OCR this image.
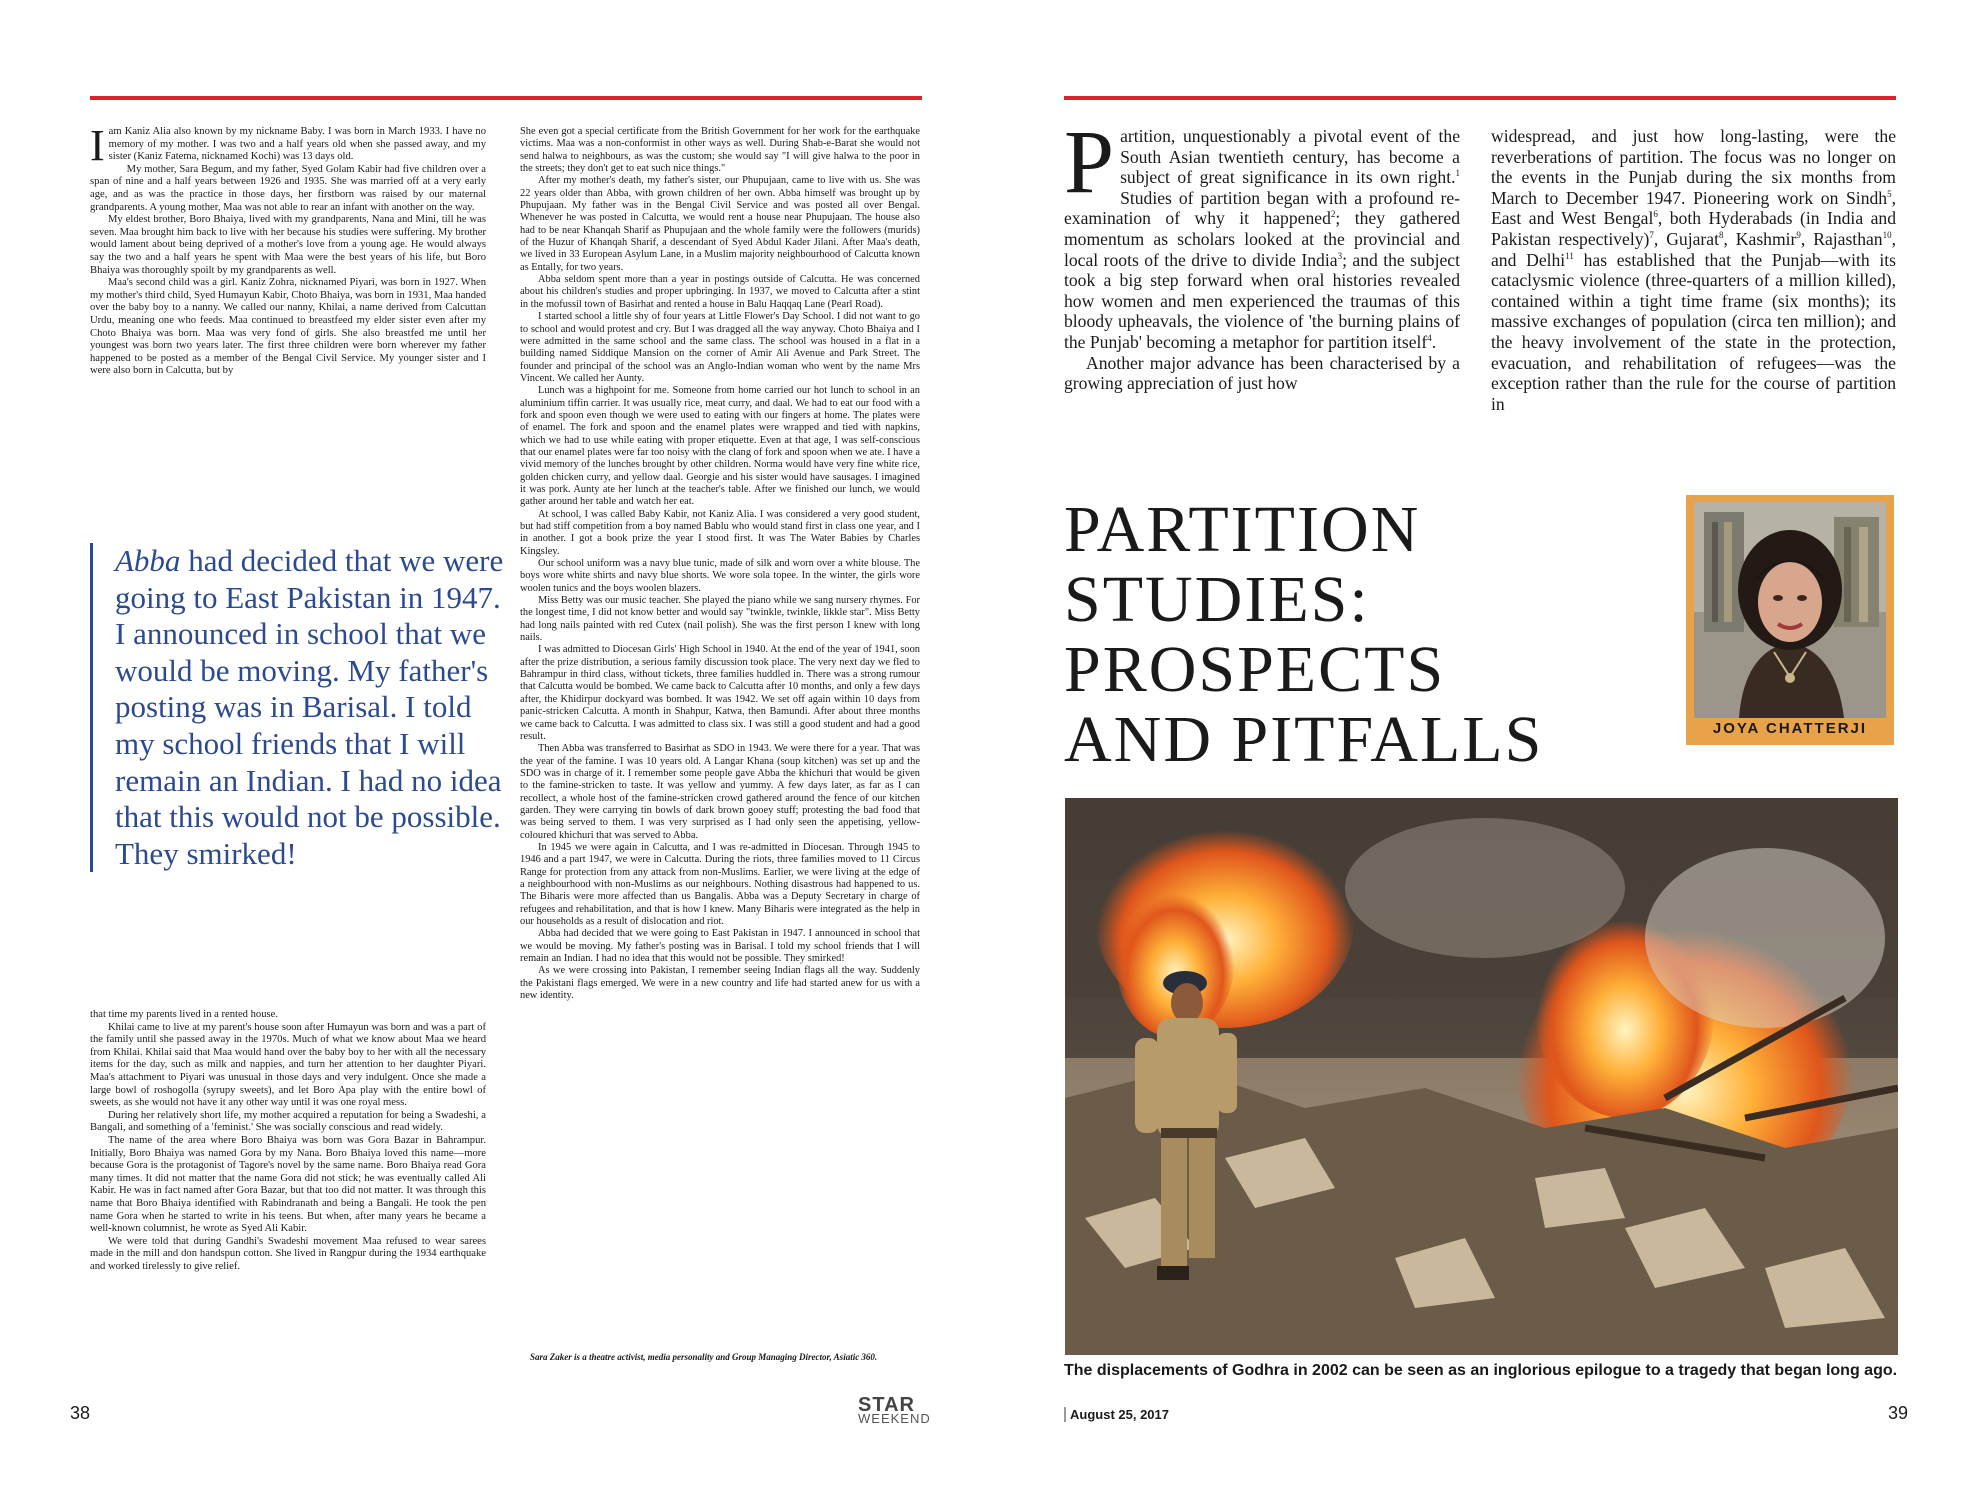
Iam Kaniz Alia also known by my nickname Baby. I was born in March 1933. I have no memory of my mother. I was two and a half years old when she passed away, and my sister (Kaniz Fatema, nicknamed Kochi) was 13 days old.

My mother, Sara Begum, and my father, Syed Golam Kabir had five children over a span of nine and a half years between 1926 and 1935. She was married off at a very early age, and as was the practice in those days, her firstborn was raised by our maternal grandparents. A young mother, Maa was not able to rear an infant with another on the way.

My eldest brother, Boro Bhaiya, lived with my grandparents, Nana and Mini, till he was seven. Maa brought him back to live with her because his studies were suffering. My brother would lament about being deprived of a mother's love from a young age. He would always say the two and a half years he spent with Maa were the best years of his life, but Boro Bhaiya was thoroughly spoilt by my grandparents as well.

Maa's second child was a girl. Kaniz Zohra, nicknamed Piyari, was born in 1927. When my mother's third child, Syed Humayun Kabir, Choto Bhaiya, was born in 1931, Maa handed over the baby boy to a nanny. We called our nanny, Khilai, a name derived from Calcuttan Urdu, meaning one who feeds. Maa continued to breastfeed my elder sister even after my Choto Bhaiya was born. Maa was very fond of girls. She also breastfed me until her youngest was born two years later. The first three children were born wherever my father happened to be posted as a member of the Bengal Civil Service. My younger sister and I were also born in Calcutta, but by

Abba had decided that we were going to East Pakistan in 1947. I announced in school that we would be moving. My father's posting was in Barisal. I told my school friends that I will remain an Indian. I had no idea that this would not be possible. They smirked!

that time my parents lived in a rented house.

Khilai came to live at my parent's house soon after Humayun was born and was a part of the family until she passed away in the 1970s. Much of what we know about Maa we heard from Khilai. Khilai said that Maa would hand over the baby boy to her with all the necessary items for the day, such as milk and nappies, and turn her attention to her daughter Piyari. Maa's attachment to Piyari was unusual in those days and very indulgent. Once she made a large bowl of roshogolla (syrupy sweets), and let Boro Apa play with the entire bowl of sweets, as she would not have it any other way until it was one royal mess.

During her relatively short life, my mother acquired a reputation for being a Swadeshi, a Bangali, and something of a 'feminist.' She was socially conscious and read widely.

The name of the area where Boro Bhaiya was born was Gora Bazar in Bahrampur. Initially, Boro Bhaiya was named Gora by my Nana. Boro Bhaiya loved this name—more because Gora is the protagonist of Tagore's novel by the same name. Boro Bhaiya read Gora many times. It did not matter that the name Gora did not stick; he was eventually called Ali Kabir. He was in fact named after Gora Bazar, but that too did not matter. It was through this name that Boro Bhaiya identified with Rabindranath and being a Bangali. He took the pen name Gora when he started to write in his teens. But when, after many years he became a well-known columnist, he wrote as Syed Ali Kabir.

We were told that during Gandhi's Swadeshi movement Maa refused to wear sarees made in the mill and don handspun cotton. She lived in Rangpur during the 1934 earthquake and worked tirelessly to give relief.

She even got a special certificate from the British Government for her work for the earthquake victims. Maa was a non-conformist in other ways as well. During Shab-e-Barat she would not send halwa to neighbours, as was the custom; she would say "I will give halwa to the poor in the streets; they don't get to eat such nice things."

After my mother's death, my father's sister, our Phupujaan, came to live with us. She was 22 years older than Abba, with grown children of her own. Abba himself was brought up by Phupujaan. My father was in the Bengal Civil Service and was posted all over Bengal. Whenever he was posted in Calcutta, we would rent a house near Phupujaan. The house also had to be near Khanqah Sharif as Phupujaan and the whole family were the followers (murids) of the Huzur of Khanqah Sharif, a descendant of Syed Abdul Kader Jilani. After Maa's death, we lived in 33 European Asylum Lane, in a Muslim majority neighbourhood of Calcutta known as Entally, for two years.

Abba seldom spent more than a year in postings outside of Calcutta. He was concerned about his children's studies and proper upbringing. In 1937, we moved to Calcutta after a stint in the mofussil town of Basirhat and rented a house in Balu Haqqaq Lane (Pearl Road).

I started school a little shy of four years at Little Flower's Day School. I did not want to go to school and would protest and cry. But I was dragged all the way anyway. Choto Bhaiya and I were admitted in the same school and the same class. The school was housed in a flat in a building named Siddique Mansion on the corner of Amir Ali Avenue and Park Street. The founder and principal of the school was an Anglo-Indian woman who went by the name Mrs Vincent. We called her Aunty.

Lunch was a highpoint for me. Someone from home carried our hot lunch to school in an aluminium tiffin carrier. It was usually rice, meat curry, and daal. We had to eat our food with a fork and spoon even though we were used to eating with our fingers at home. The plates were of enamel. The fork and spoon and the enamel plates were wrapped and tied with napkins, which we had to use while eating with proper etiquette. Even at that age, I was self-conscious that our enamel plates were far too noisy with the clang of fork and spoon when we ate. I have a vivid memory of the lunches brought by other children. Norma would have very fine white rice, golden chicken curry, and yellow daal. Georgie and his sister would have sausages. I imagined it was pork. Aunty ate her lunch at the teacher's table. After we finished our lunch, we would gather around her table and watch her eat.

At school, I was called Baby Kabir, not Kaniz Alia. I was considered a very good student, but had stiff competition from a boy named Bablu who would stand first in class one year, and I in another. I got a book prize the year I stood first. It was The Water Babies by Charles Kingsley.

Our school uniform was a navy blue tunic, made of silk and worn over a white blouse. The boys wore white shirts and navy blue shorts. We wore sola topee. In the winter, the girls wore woolen tunics and the boys woolen blazers.

Miss Betty was our music teacher. She played the piano while we sang nursery rhymes. For the longest time, I did not know better and would say "twinkle, twinkle, likkle star". Miss Betty had long nails painted with red Cutex (nail polish). She was the first person I knew with long nails.

I was admitted to Diocesan Girls' High School in 1940. At the end of the year of 1941, soon after the prize distribution, a serious family discussion took place. The very next day we fled to Bahrampur in third class, without tickets, three families huddled in. There was a strong rumour that Calcutta would be bombed. We came back to Calcutta after 10 months, and only a few days after, the Khidirpur dockyard was bombed. It was 1942. We set off again within 10 days from panic-stricken Calcutta. A month in Shahpur, Katwa, then Bamundi. After about three months we came back to Calcutta. I was admitted to class six. I was still a good student and had a good result.

Then Abba was transferred to Basirhat as SDO in 1943. We were there for a year. That was the year of the famine. I was 10 years old. A Langar Khana (soup kitchen) was set up and the SDO was in charge of it. I remember some people gave Abba the khichuri that would be given to the famine-stricken to taste. It was yellow and yummy. A few days later, as far as I can recollect, a whole host of the famine-stricken crowd gathered around the fence of our kitchen garden. They were carrying tin bowls of dark brown gooey stuff; protesting the bad food that was being served to them. I was very surprised as I had only seen the appetising, yellow-coloured khichuri that was served to Abba.

In 1945 we were again in Calcutta, and I was re-admitted in Diocesan. Through 1945 to 1946 and a part 1947, we were in Calcutta. During the riots, three families moved to 11 Circus Range for protection from any attack from non-Muslims. Earlier, we were living at the edge of a neighbourhood with non-Muslims as our neighbours. Nothing disastrous had happened to us. The Biharis were more affected than us Bangalis. Abba was a Deputy Secretary in charge of refugees and rehabilitation, and that is how I knew. Many Biharis were integrated as the help in our households as a result of dislocation and riot.

Abba had decided that we were going to East Pakistan in 1947. I announced in school that we would be moving. My father's posting was in Barisal. I told my school friends that I will remain an Indian. I had no idea that this would not be possible. They smirked!

As we were crossing into Pakistan, I remember seeing Indian flags all the way. Suddenly the Pakistani flags emerged. We were in a new country and life had started anew for us with a new identity.

Sara Zaker is a theatre activist, media personality and Group Managing Director, Asiatic 360.
38	STAR
WEEKEND

Partition, unquestionably a pivotal event of the South Asian twentieth century, has become a subject of great significance in its own right.$^1$ Studies of partition began with a profound re-examination of why it happened$^2$; they gathered momentum as scholars looked at the provincial and local roots of the drive to divide India$^3$; and the subject took a big step forward when oral histories revealed how women and men experienced the traumas of this bloody upheavals, the violence of 'the burning plains of the Punjab' becoming a metaphor for partition itself$^4$.

Another major advance has been characterised by a growing appreciation of just how

widespread, and just how long-lasting, were the reverberations of partition. The focus was no longer on the events in the Punjab during the six months from March to December 1947. Pioneering work on Sindh$^5$, East and West Bengal$^6$, both Hyderabads (in India and Pakistan respectively)$^7$, Gujarat$^8$, Kashmir$^9$, Rajasthan$^{10}$, and Delhi$^{11}$ has established that the Punjab—with its cataclysmic violence (three-quarters of a million killed), contained within a tight time frame (six months); its massive exchanges of population (circa ten million); and the heavy involvement of the state in the protection, evacuation, and rehabilitation of refugees—was the exception rather than the rule for the course of partition in

PARTITION
STUDIES:
PROSPECTS
AND PITFALLS	JOYA CHATTERJI
The displacements of Godhra in 2002 can be seen as an inglorious epilogue to a tragedy that began long ago.
August 25, 2017	39
